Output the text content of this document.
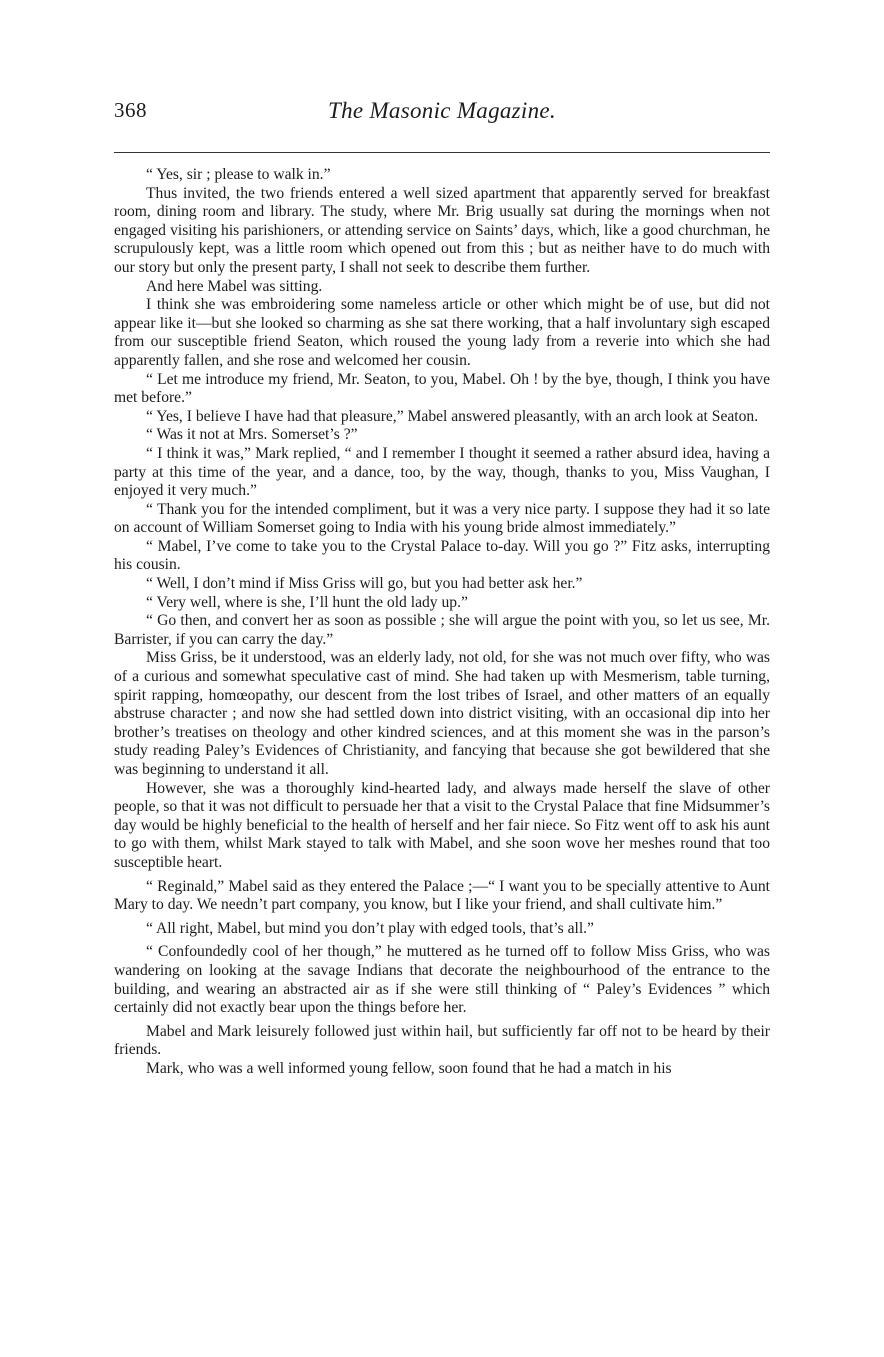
368	The Masonic Magazine.

“ Yes, sir ; please to walk in.”

Thus invited, the two friends entered a well sized apartment that apparently served for breakfast room, dining room and library. The study, where Mr. Brig usually sat during the mornings when not engaged visiting his parishioners, or attending service on Saints’ days, which, like a good churchman, he scrupulously kept, was a little room which opened out from this ; but as neither have to do much with our story but only the present party, I shall not seek to describe them further.

And here Mabel was sitting.

I think she was embroidering some nameless article or other which might be of use, but did not appear like it—but she looked so charming as she sat there working, that a half involuntary sigh escaped from our susceptible friend Seaton, which roused the young lady from a reverie into which she had apparently fallen, and she rose and welcomed her cousin.

“ Let me introduce my friend, Mr. Seaton, to you, Mabel. Oh ! by the bye, though, I think you have met before.”

“ Yes, I believe I have had that pleasure,” Mabel answered pleasantly, with an arch look at Seaton.

“ Was it not at Mrs. Somerset’s ?”

“ I think it was,” Mark replied, “ and I remember I thought it seemed a rather absurd idea, having a party at this time of the year, and a dance, too, by the way, though, thanks to you, Miss Vaughan, I enjoyed it very much.”

“ Thank you for the intended compliment, but it was a very nice party. I suppose they had it so late on account of William Somerset going to India with his young bride almost immediately.”

“ Mabel, I’ve come to take you to the Crystal Palace to-day. Will you go ?” Fitz asks, interrupting his cousin.

“ Well, I don’t mind if Miss Griss will go, but you had better ask her.”

“ Very well, where is she, I’ll hunt the old lady up.”

“ Go then, and convert her as soon as possible ; she will argue the point with you, so let us see, Mr. Barrister, if you can carry the day.”

Miss Griss, be it understood, was an elderly lady, not old, for she was not much over fifty, who was of a curious and somewhat speculative cast of mind. She had taken up with Mesmerism, table turning, spirit rapping, homœopathy, our descent from the lost tribes of Israel, and other matters of an equally abstruse character ; and now she had settled down into district visiting, with an occasional dip into her brother’s treatises on theology and other kindred sciences, and at this moment she was in the parson’s study reading Paley’s Evidences of Christianity, and fancying that because she got bewildered that she was beginning to understand it all.

However, she was a thoroughly kind-hearted lady, and always made herself the slave of other people, so that it was not difficult to persuade her that a visit to the Crystal Palace that fine Midsummer’s day would be highly beneficial to the health of herself and her fair niece. So Fitz went off to ask his aunt to go with them, whilst Mark stayed to talk with Mabel, and she soon wove her meshes round that too susceptible heart.

“ Reginald,” Mabel said as they entered the Palace ;—“ I want you to be specially attentive to Aunt Mary to day. We needn’t part company, you know, but I like your friend, and shall cultivate him.”

“ All right, Mabel, but mind you don’t play with edged tools, that’s all.”

“ Confoundedly cool of her though,” he muttered as he turned off to follow Miss Griss, who was wandering on looking at the savage Indians that decorate the neighbourhood of the entrance to the building, and wearing an abstracted air as if she were still thinking of “ Paley’s Evidences ” which certainly did not exactly bear upon the things before her.

Mabel and Mark leisurely followed just within hail, but sufficiently far off not to be heard by their friends.

Mark, who was a well informed young fellow, soon found that he had a match in his
